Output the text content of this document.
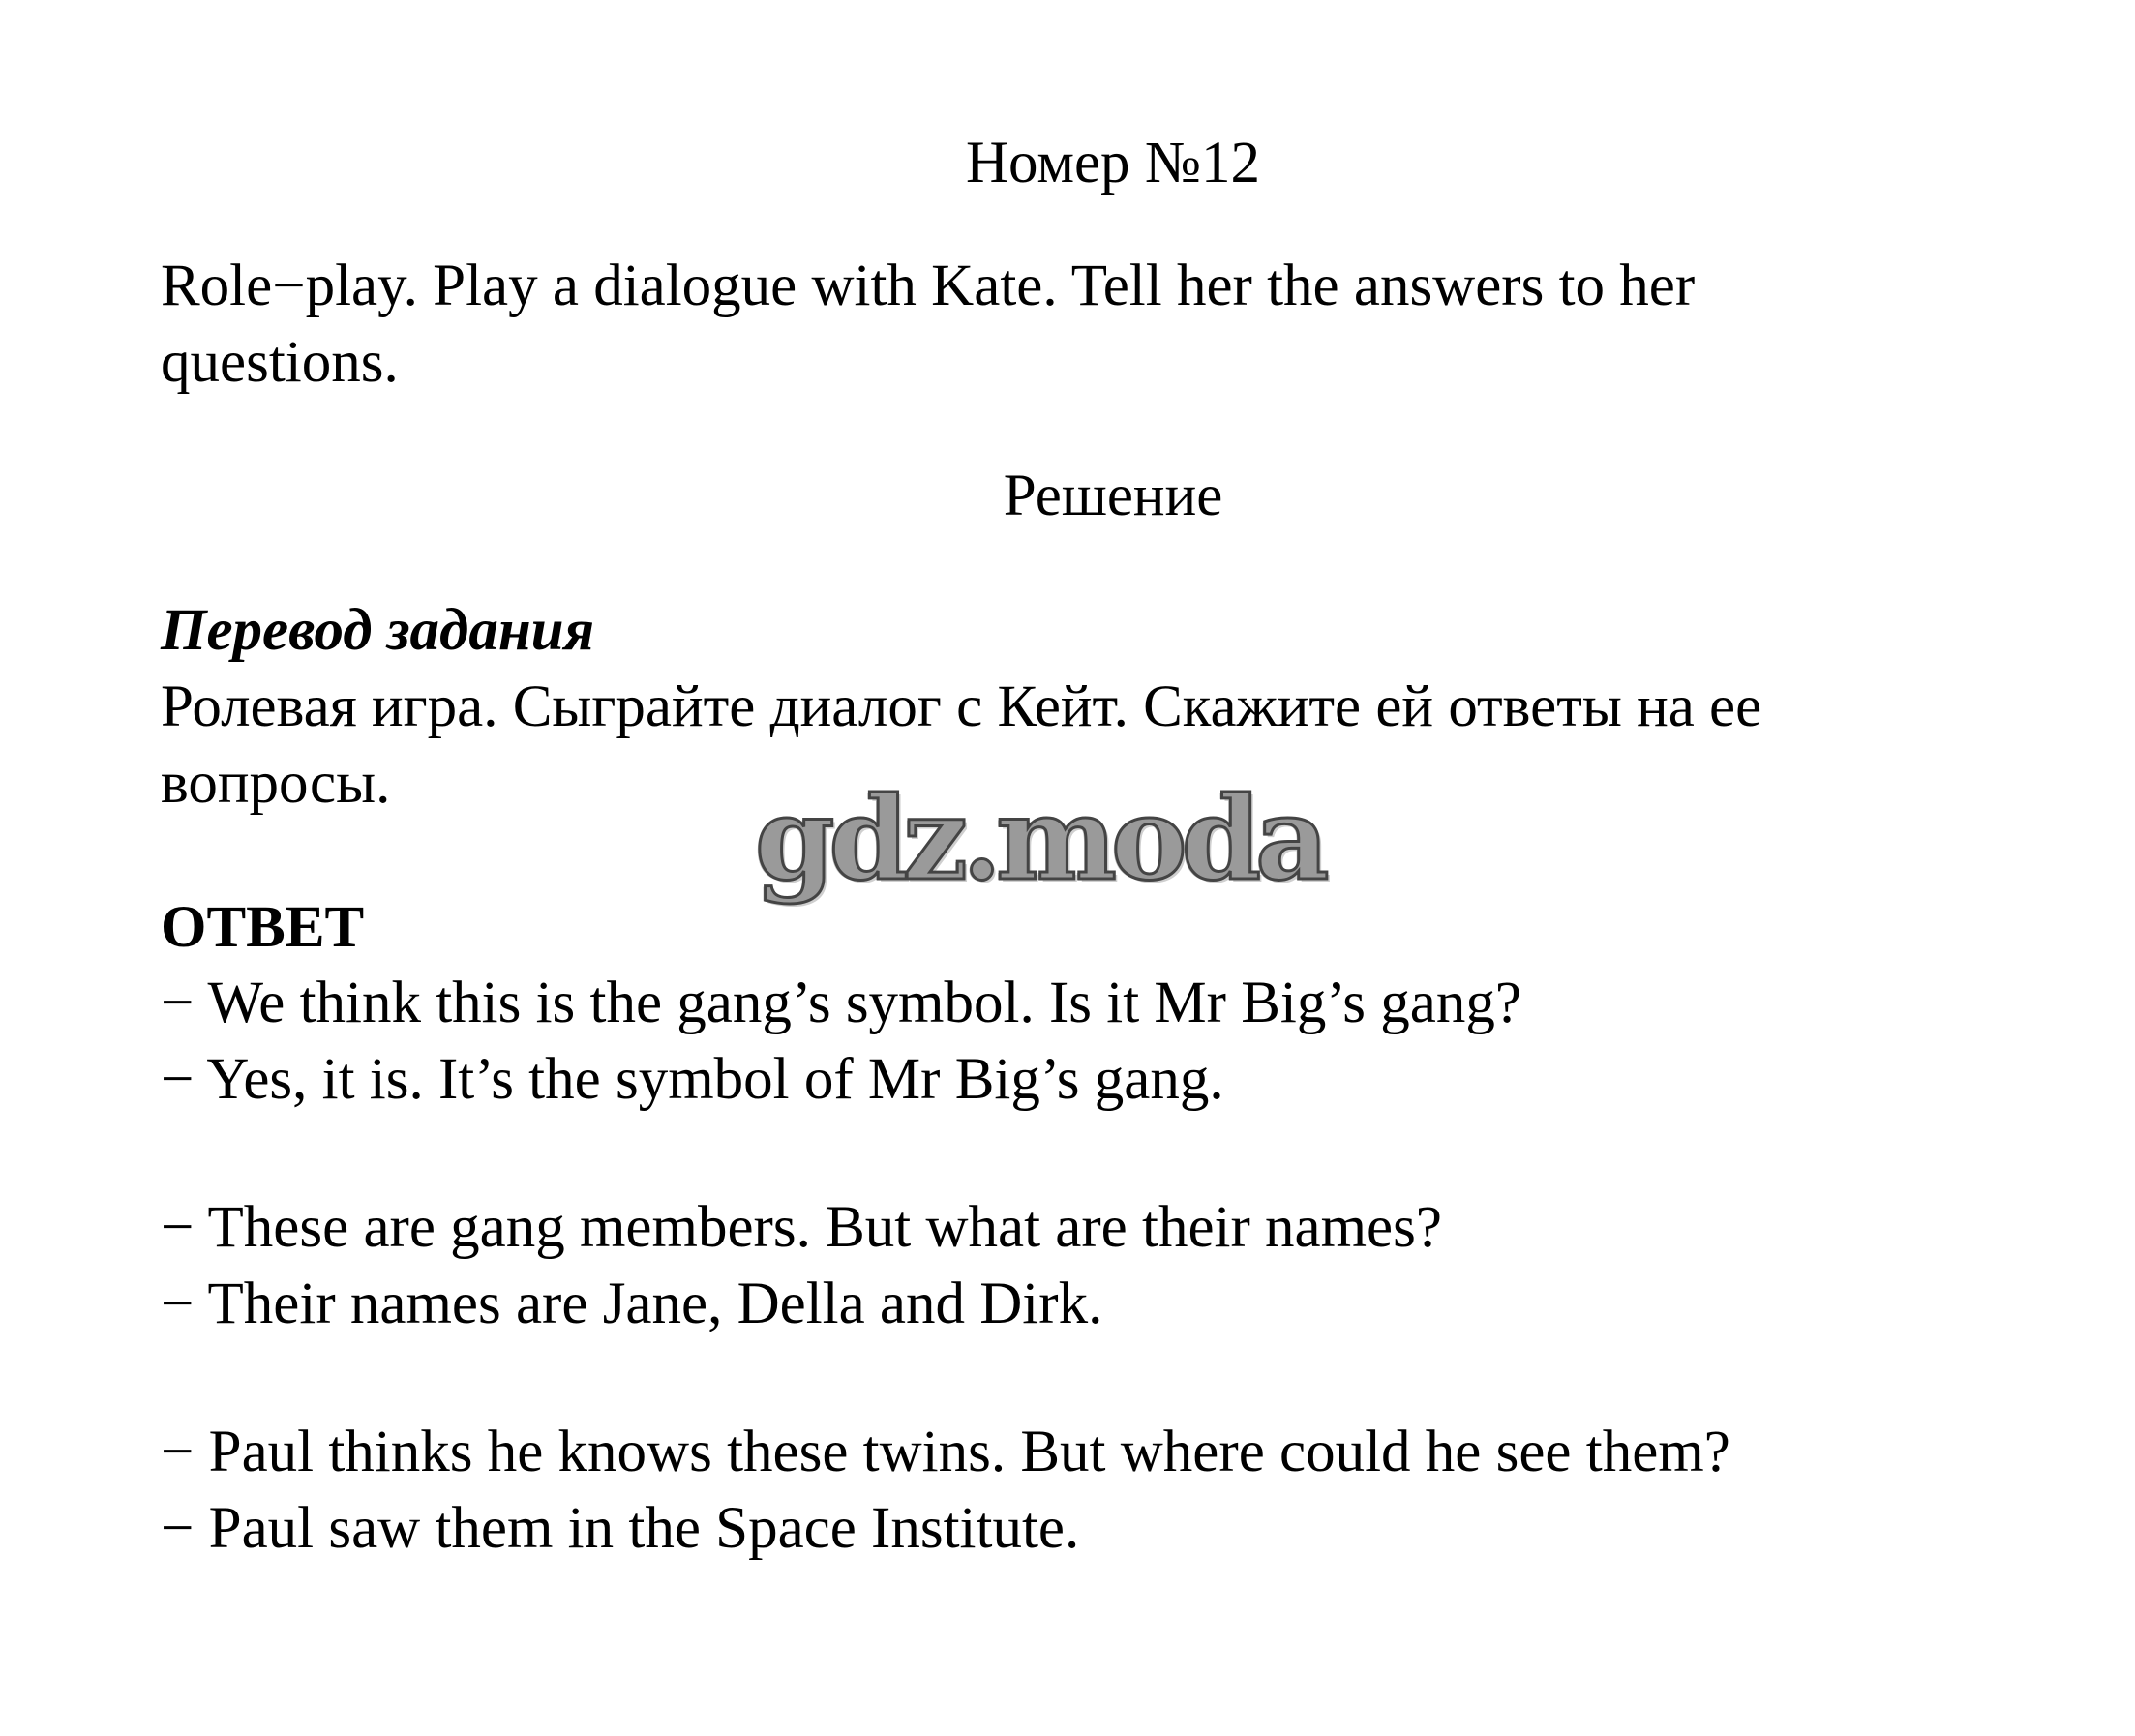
Номер №12
Role−play. Play a dialogue with Kate. Tell her the answers to her
questions.
Решение
Перевод задания
Ролевая игра. Сыграйте диалог с Кейт. Скажите ей ответы на ее
вопросы.	gdz.moda
ОТВЕТ
− We think this is the gang’s symbol. Is it Mr Big’s gang?
− Yes, it is. It’s the symbol of Mr Big’s gang.
− These are gang members. But what are their names?
− Their names are Jane, Della and Dirk.
− Paul thinks he knows these twins. But where could he see them?
− Paul saw them in the Space Institute.
